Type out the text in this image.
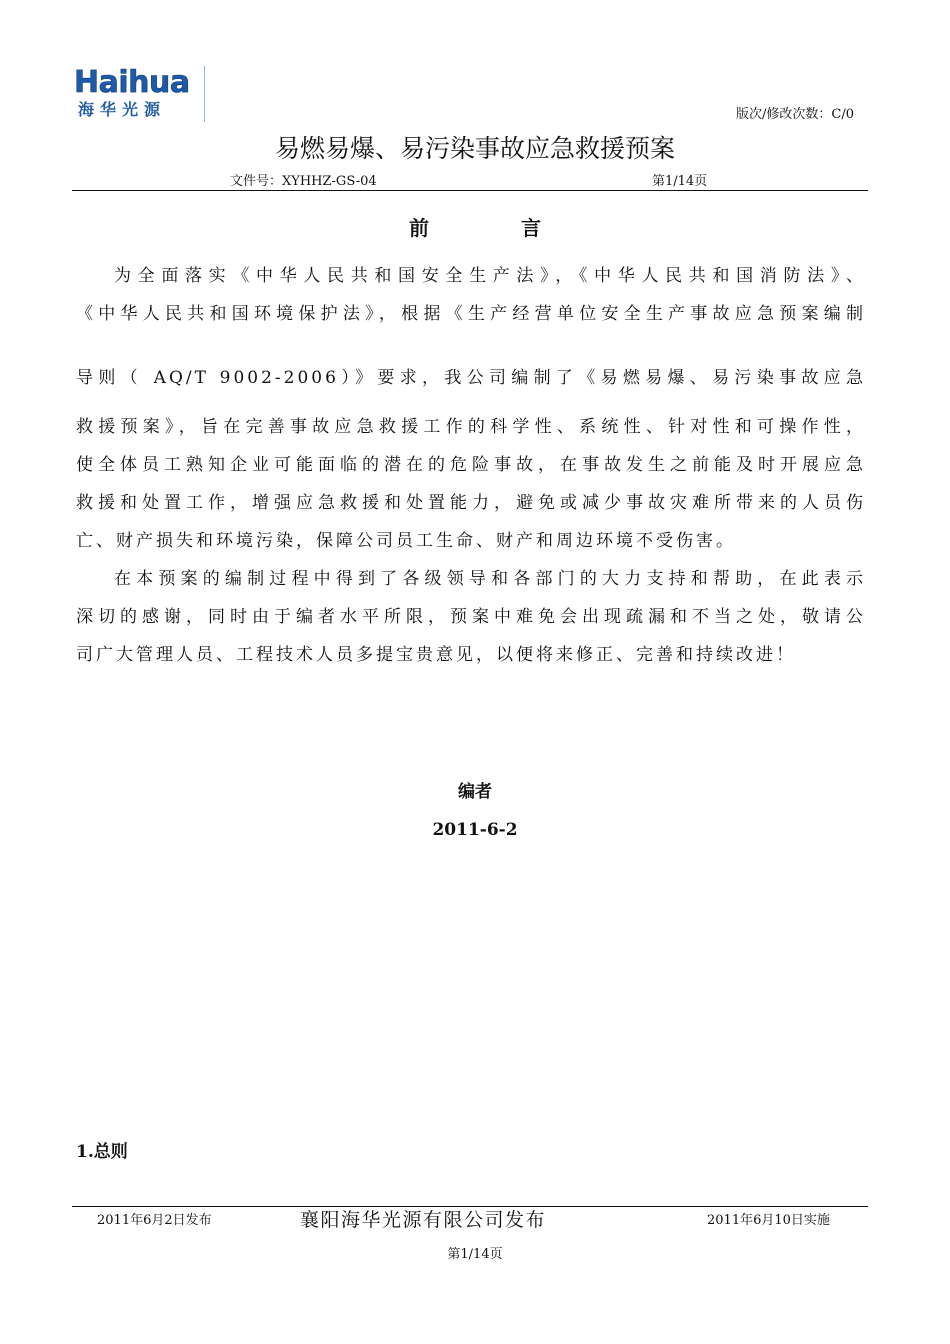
Haihua
海华光源	版次/修改次数：C/0
易燃易爆、易污染事故应急救援预案
文件号：XYHHZ-GS-04	第1/14页
前	言
为全面落实《中华人民共和国安全生产法》，《中华人民共和国消防法》、
《中华人民共和国环境保护法》，根据《生产经营单位安全生产事故应急预案编制
导则（ AQ/T 9002-2006）》要求，我公司编制了《易燃易爆、易污染事故应急
救援预案》，旨在完善事故应急救援工作的科学性、系统性、针对性和可操作性，
使全体员工熟知企业可能面临的潜在的危险事故，在事故发生之前能及时开展应急
救援和处置工作，增强应急救援和处置能力，避免或减少事故灾难所带来的人员伤
亡、财产损失和环境污染，保障公司员工生命、财产和周边环境不受伤害。
在本预案的编制过程中得到了各级领导和各部门的大力支持和帮助，在此表示
深切的感谢，同时由于编者水平所限，预案中难免会出现疏漏和不当之处，敬请公
司广大管理人员、工程技术人员多提宝贵意见，以便将来修正、完善和持续改进！
编者
2011-6-2
1.总则
2011年6月2日发布	襄阳海华光源有限公司发布	2011年6月10日实施
第1/14页
